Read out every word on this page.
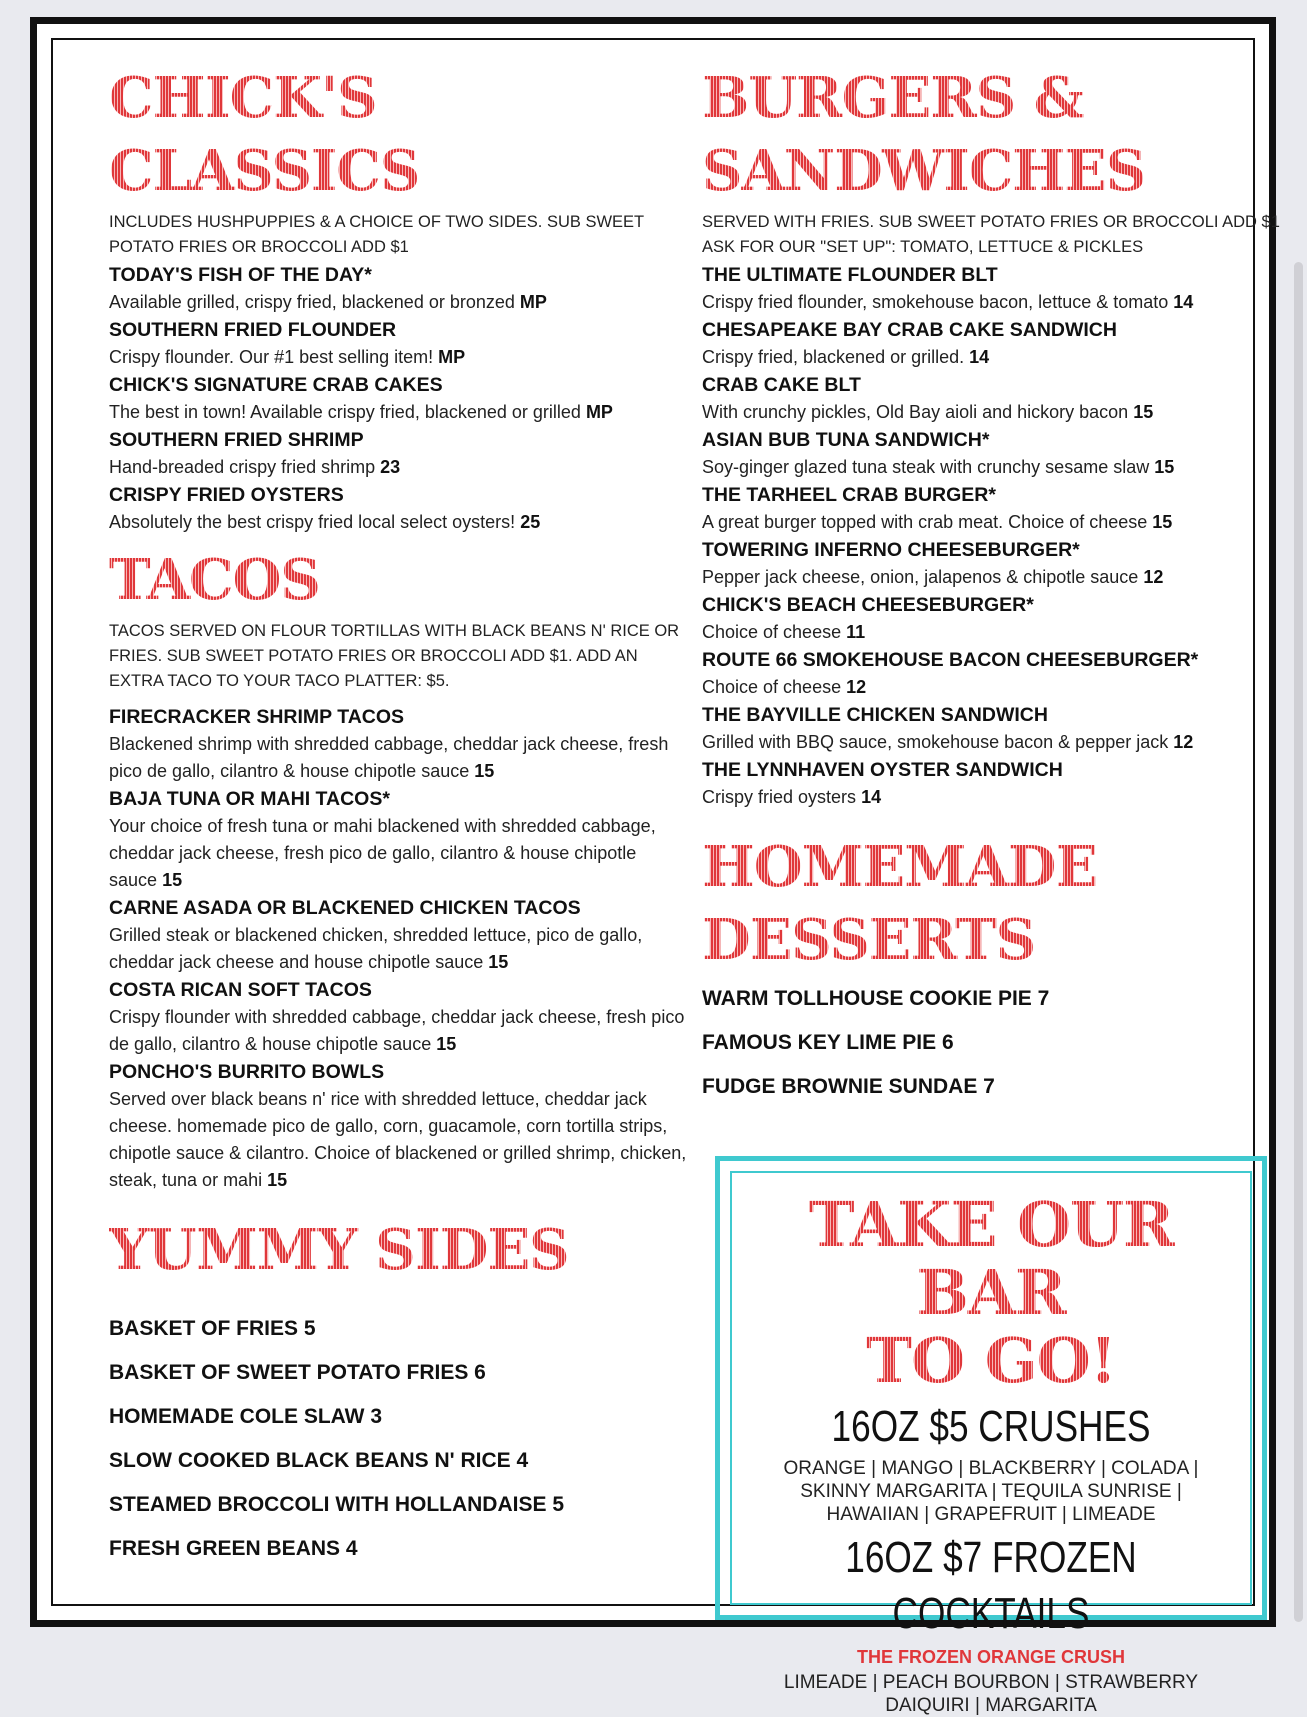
CHICK'S
CLASSICS
INCLUDES HUSHPUPPIES & A CHOICE OF TWO SIDES. SUB SWEET POTATO FRIES OR BROCCOLI ADD $1
TODAY'S FISH OF THE DAY*
Available grilled, crispy fried, blackened or bronzed MP
SOUTHERN FRIED FLOUNDER
Crispy flounder. Our #1 best selling item! MP
CHICK'S SIGNATURE CRAB CAKES
The best in town! Available crispy fried, blackened or grilled MP
SOUTHERN FRIED SHRIMP
Hand-breaded crispy fried shrimp 23
CRISPY FRIED OYSTERS
Absolutely the best crispy fried local select oysters! 25
TACOS
TACOS SERVED ON FLOUR TORTILLAS WITH BLACK BEANS N' RICE OR FRIES. SUB SWEET POTATO FRIES OR BROCCOLI ADD $1. ADD AN EXTRA TACO TO YOUR TACO PLATTER: $5.
FIRECRACKER SHRIMP TACOS
Blackened shrimp with shredded cabbage, cheddar jack cheese, fresh pico de gallo, cilantro & house chipotle sauce 15
BAJA TUNA OR MAHI TACOS*
Your choice of fresh tuna or mahi blackened with shredded cabbage, cheddar jack cheese, fresh pico de gallo, cilantro & house chipotle sauce 15
CARNE ASADA OR BLACKENED CHICKEN TACOS
Grilled steak or blackened chicken, shredded lettuce, pico de gallo, cheddar jack cheese and house chipotle sauce 15
COSTA RICAN SOFT TACOS
Crispy flounder with shredded cabbage, cheddar jack cheese, fresh pico de gallo, cilantro & house chipotle sauce 15
PONCHO'S BURRITO BOWLS
Served over black beans n' rice with shredded lettuce, cheddar jack cheese. homemade pico de gallo, corn, guacamole, corn tortilla strips, chipotle sauce & cilantro. Choice of blackened or grilled shrimp, chicken, steak, tuna or mahi 15
YUMMY SIDES
BASKET OF FRIES 5
BASKET OF SWEET POTATO FRIES 6
HOMEMADE COLE SLAW 3
SLOW COOKED BLACK BEANS N' RICE 4
STEAMED BROCCOLI WITH HOLLANDAISE 5
FRESH GREEN BEANS 4
BURGERS &
SANDWICHES
SERVED WITH FRIES. SUB SWEET POTATO FRIES OR BROCCOLI ADD $1
ASK FOR OUR "SET UP": TOMATO, LETTUCE & PICKLES
THE ULTIMATE FLOUNDER BLT
Crispy fried flounder, smokehouse bacon, lettuce & tomato 14
CHESAPEAKE BAY CRAB CAKE SANDWICH
Crispy fried, blackened or grilled. 14
CRAB CAKE BLT
With crunchy pickles, Old Bay aioli and hickory bacon 15
ASIAN BUB TUNA SANDWICH*
Soy-ginger glazed tuna steak with crunchy sesame slaw 15
THE TARHEEL CRAB BURGER*
A great burger topped with crab meat. Choice of cheese 15
TOWERING INFERNO CHEESEBURGER*
Pepper jack cheese, onion, jalapenos & chipotle sauce 12
CHICK'S BEACH CHEESEBURGER*
Choice of cheese 11
ROUTE 66 SMOKEHOUSE BACON CHEESEBURGER*
Choice of cheese 12
THE BAYVILLE CHICKEN SANDWICH
Grilled with BBQ sauce, smokehouse bacon & pepper jack 12
THE LYNNHAVEN OYSTER SANDWICH
Crispy fried oysters 14
HOMEMADE
DESSERTS
WARM TOLLHOUSE COOKIE PIE 7
FAMOUS KEY LIME PIE 6
FUDGE BROWNIE SUNDAE 7
TAKE OUR BAR
TO GO!
16OZ $5 CRUSHES
ORANGE | MANGO | BLACKBERRY | COLADA | SKINNY MARGARITA | TEQUILA SUNRISE | HAWAIIAN | GRAPEFRUIT | LIMEADE
16OZ $7 FROZEN COCKTAILS
THE FROZEN ORANGE CRUSH
LIMEADE | PEACH BOURBON | STRAWBERRY DAIQUIRI | MARGARITA
